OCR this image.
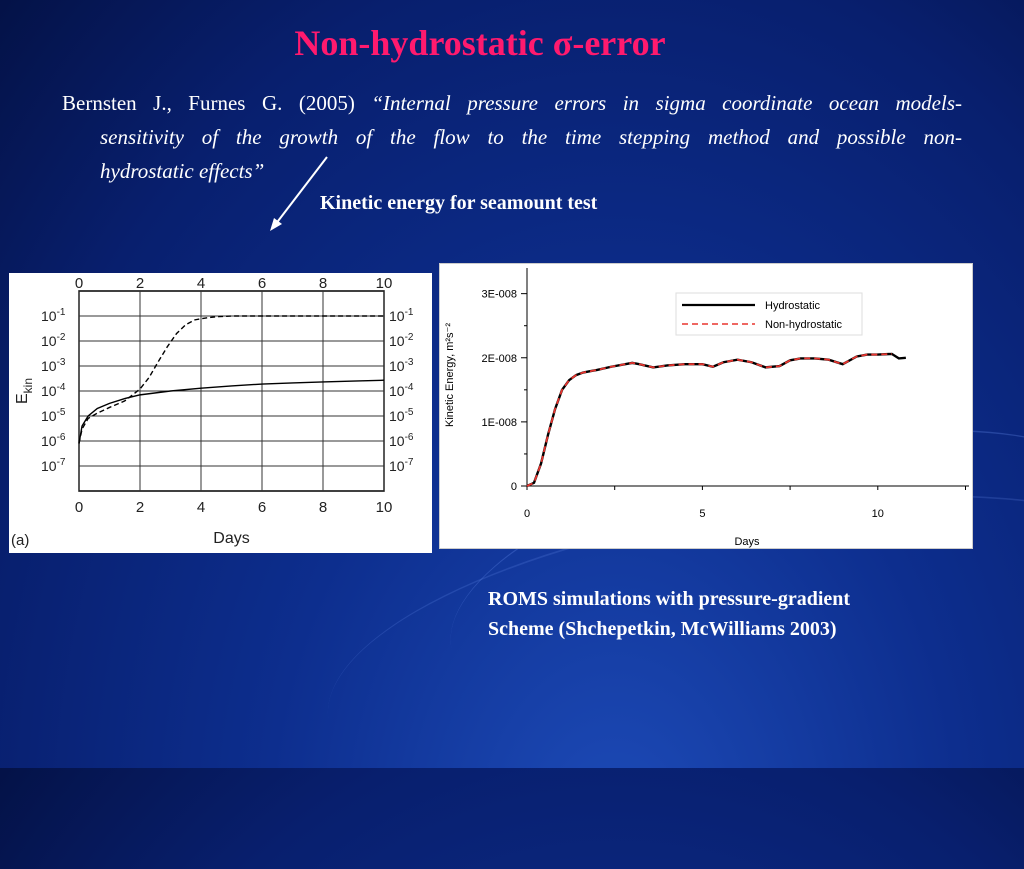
Non-hydrostatic σ-error
Bernsten J., Furnes G. (2005) “Internal pressure errors in sigma coordinate ocean models-
sensitivity of the growth of the flow to the time stepping method and possible non-
hydrostatic effects”
Kinetic energy for seamount test
0
0
2
2
4
4
6
6
8
8
10
10
$10^{-1}$	$10^{-1}$
$10^{-2}$	$10^{-2}$
$10^{-3}$	$10^{-3}$
$10^{-4}$	$10^{-4}$
$10^{-5}$	$10^{-5}$
$10^{-6}$	$10^{-6}$
$10^{-7}$	$10^{-7}$
Days
$E_{kin}$
(a)
0
1E-008
2E-008
3E-008
0	5	10
Hydrostatic
Non-hydrostatic
Days
Kinetic Energy, m²s⁻²
ROMS simulations with pressure-gradient
Scheme (Shchepetkin, McWilliams 2003)
